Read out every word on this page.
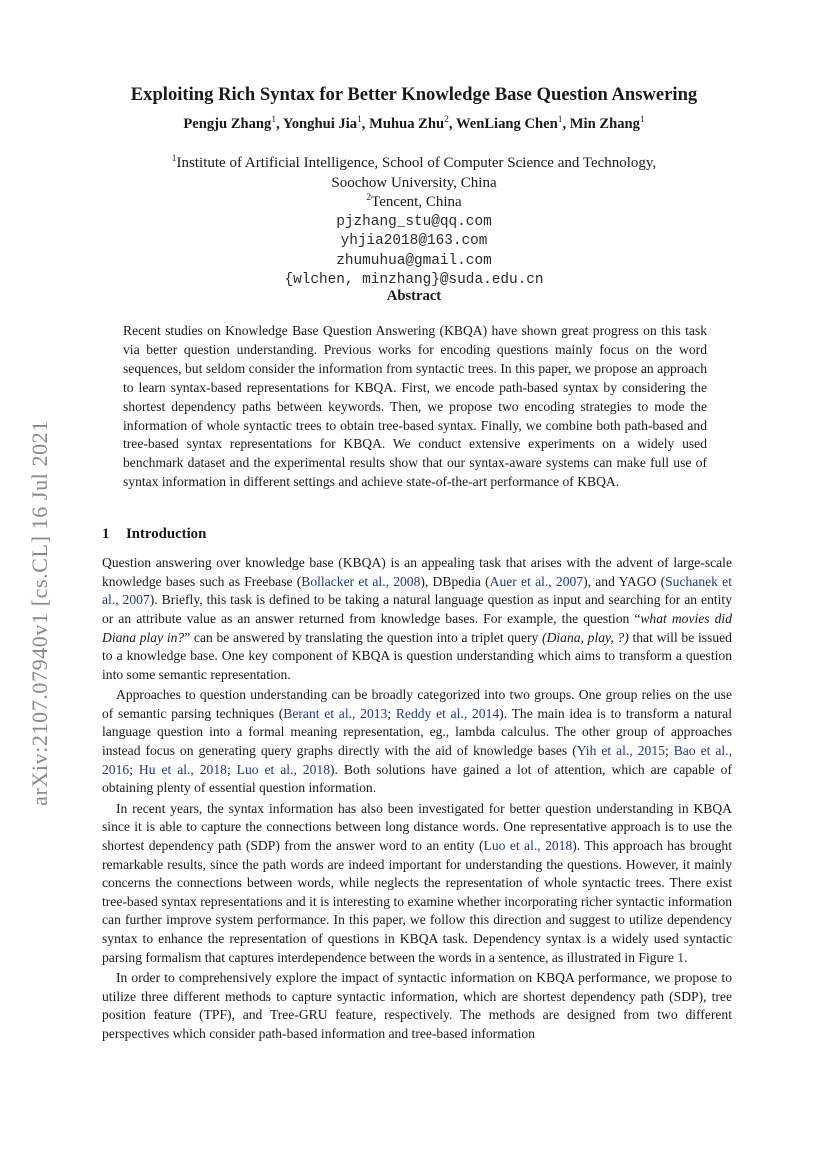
arXiv:2107.07940v1 [cs.CL] 16 Jul 2021
Exploiting Rich Syntax for Better Knowledge Base Question Answering
Pengju Zhang$^1$, Yonghui Jia$^1$, Muhua Zhu$^2$, WenLiang Chen$^1$, Min Zhang$^1$
$^1$Institute of Artificial Intelligence, School of Computer Science and Technology,
Soochow University, China
$^2$Tencent, China
pjzhang_stu@qq.com
yhjia2018@163.com
zhumuhua@gmail.com
{wlchen, minzhang}@suda.edu.cn
Abstract
Recent studies on Knowledge Base Question Answering (KBQA) have shown great progress on this task via better question understanding. Previous works for encoding questions mainly focus on the word sequences, but seldom consider the information from syntactic trees. In this paper, we propose an approach to learn syntax-based representations for KBQA. First, we encode path-based syntax by considering the shortest dependency paths between keywords. Then, we propose two encoding strategies to mode the information of whole syntactic trees to obtain tree-based syntax. Finally, we combine both path-based and tree-based syntax representations for KBQA. We conduct extensive experiments on a widely used benchmark dataset and the experimental results show that our syntax-aware systems can make full use of syntax information in different settings and achieve state-of-the-art performance of KBQA.
1 Introduction

Question answering over knowledge base (KBQA) is an appealing task that arises with the advent of large-scale knowledge bases such as Freebase (Bollacker et al., 2008), DBpedia (Auer et al., 2007), and YAGO (Suchanek et al., 2007). Briefly, this task is defined to be taking a natural language question as input and searching for an entity or an attribute value as an answer returned from knowledge bases. For example, the question “what movies did Diana play in?” can be answered by translating the question into a triplet query (Diana, play, ?) that will be issued to a knowledge base. One key component of KBQA is question understanding which aims to transform a question into some semantic representation.

Approaches to question understanding can be broadly categorized into two groups. One group relies on the use of semantic parsing techniques (Berant et al., 2013; Reddy et al., 2014). The main idea is to transform a natural language question into a formal meaning representation, eg., lambda calculus. The other group of approaches instead focus on generating query graphs directly with the aid of knowledge bases (Yih et al., 2015; Bao et al., 2016; Hu et al., 2018; Luo et al., 2018). Both solutions have gained a lot of attention, which are capable of obtaining plenty of essential question information.

In recent years, the syntax information has also been investigated for better question understanding in KBQA since it is able to capture the connections between long distance words. One representative approach is to use the shortest dependency path (SDP) from the answer word to an entity (Luo et al., 2018). This approach has brought remarkable results, since the path words are indeed important for understanding the questions. However, it mainly concerns the connections between words, while neglects the representation of whole syntactic trees. There exist tree-based syntax representations and it is interesting to examine whether incorporating richer syntactic information can further improve system performance. In this paper, we follow this direction and suggest to utilize dependency syntax to enhance the representation of questions in KBQA task. Dependency syntax is a widely used syntactic parsing formalism that captures interdependence between the words in a sentence, as illustrated in Figure 1.

In order to comprehensively explore the impact of syntactic information on KBQA performance, we propose to utilize three different methods to capture syntactic information, which are shortest dependency path (SDP), tree position feature (TPF), and Tree-GRU feature, respectively. The methods are designed from two different perspectives which consider path-based information and tree-based information
